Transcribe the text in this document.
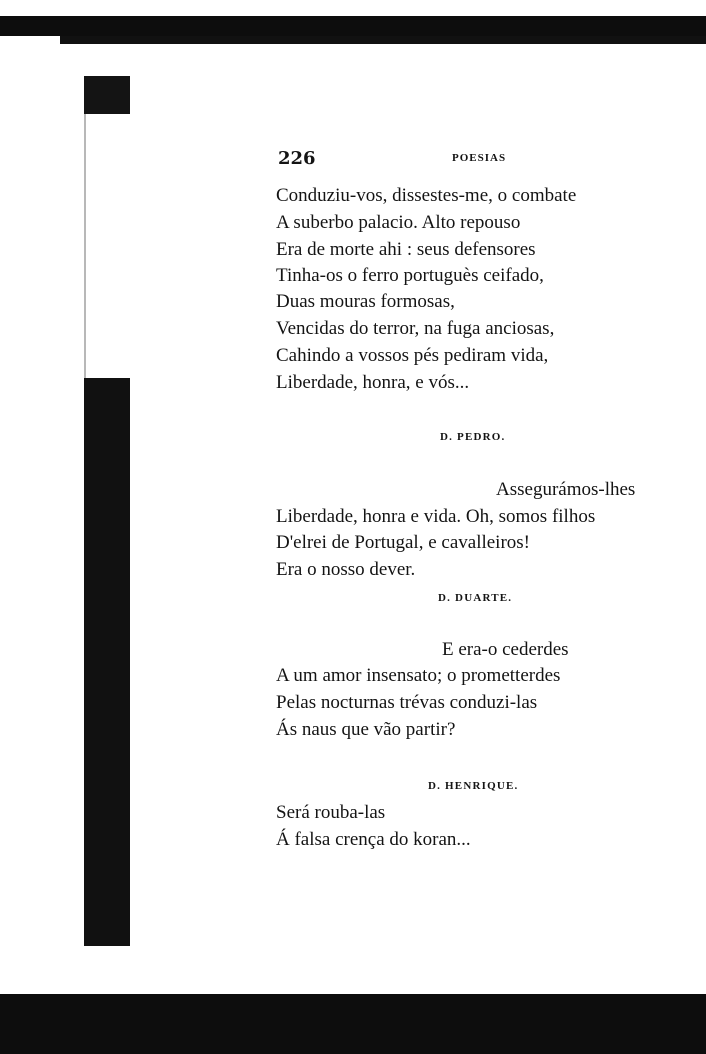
226	POESIAS
Conduziu-vos, dissestes-me, o combate
A suberbo palacio. Alto repouso
Era de morte ahi : seus defensores
Tinha-os o ferro portuguès ceifado,
Duas mouras formosas,
Vencidas do terror, na fuga anciosas,
Cahindo a vossos pés pediram vida,
Liberdade, honra, e vós...
D. PEDRO.
Assegurámos-lhes
Liberdade, honra e vida. Oh, somos filhos
D'elrei de Portugal, e cavalleiros!
Era o nosso dever.
D. DUARTE.
E era-o cederdes
A um amor insensato; o prometterdes
Pelas nocturnas trévas conduzi-las
Ás naus que vão partir?
D. HENRIQUE.
Será rouba-las
Á falsa crença do koran...
